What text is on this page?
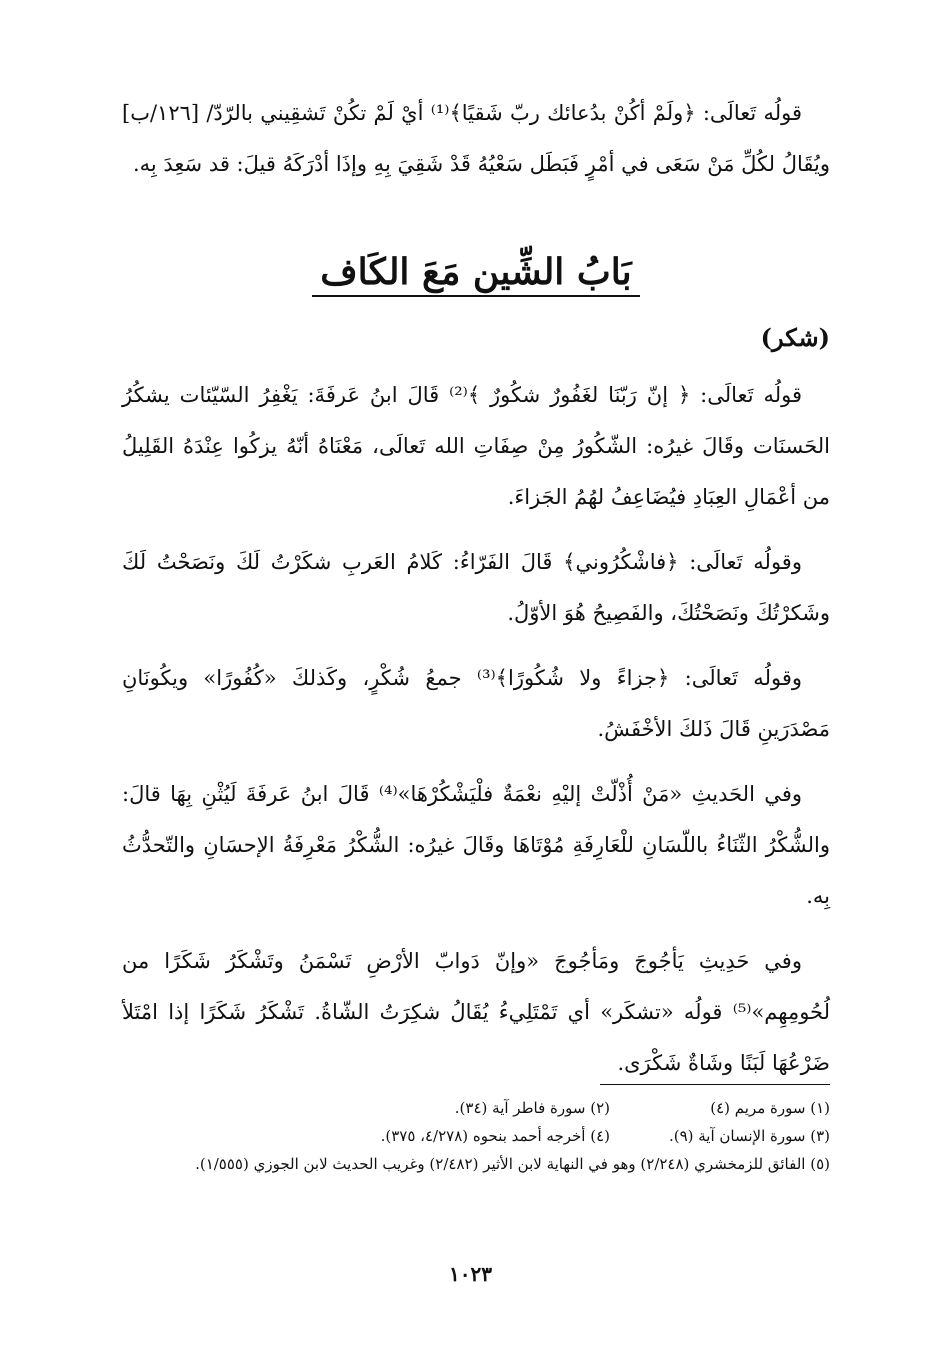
قولُه تَعالَى: ﴿ولَمْ أكُنْ بدُعائك ربّ شَقيًا﴾⁽¹⁾ أيْ لَمْ تكُنْ تَشقِيني بالرّدّ/ [١٢٦/ب] ويُقَالُ لكُلِّ مَنْ سَعَى في أمْرٍ فَبَطَل سَعْيُهُ قَدْ شَقِيَ بِهِ وإذَا أدْرَكَهُ قيلَ: قد سَعِدَ بِه.

بَابُ الشِّين مَعَ الكَاف
(شكر)

قولُه تَعالَى: ﴿ إنّ رَبّنَا لغَفُورٌ شكُورٌ ﴾⁽²⁾ قَالَ ابنُ عَرفَةَ: يَغْفِرُ السّيّئات يشكُرُ الحَسنَات وقَالَ غيرُه: الشّكُورُ مِنْ صِفَاتِ الله تَعالَى، مَعْنَاهُ أنّهُ يزكُوا عِنْدَهُ القَلِيلُ من أعْمَالِ العِبَادِ فيُضَاعِفُ لهُمُ الجَزاءَ.

وقولُه تَعالَى: ﴿فاشْكُرُوني﴾ قَالَ الفَرّاءُ: كَلامُ العَربِ شكَرْتُ لَكَ ونَصَحْتُ لَكَ وشَكرْتُكَ ونَصَحْتُكَ، والفَصِيحُ هُوَ الأوّلُ.

وقولُه تَعالَى: ﴿جزاءً ولا شُكُورًا﴾⁽³⁾ جمعُ شُكْرٍ، وكَذلكَ «كُفُورًا» ويكُونَانِ مَصْدَرَينِ قَالَ ذَلكَ الأخْفَشُ.

وفي الحَديثِ «مَنْ أُذْلّتْ إليْهِ نعْمَةٌ فلْيَشْكُرْهَا»⁽⁴⁾ قَالَ ابنُ عَرفَةَ لَيُثْنِ بِهَا قالَ: والشُّكْرُ الثّنَاءُ باللّسَانِ للْعَارِفَةِ مُوْتَاهَا وقَالَ غيرُه: الشُّكْرُ مَعْرِفَةُ الإحسَانِ والتّحدُّثُ بِه.

وفي حَدِيثِ يَأجُوجَ ومَأجُوجَ «وإنّ دَوابّ الأرْضِ تَسْمَنُ وتَشْكَرُ شَكَرًا من لُحُومِهِم»⁽⁵⁾ قولُه «تشكَر» أي تَمْتَلِيءُ يُقَالُ شكِرَتُ الشّاةُ. تَشْكَرُ شَكَرًا إذا امْتَلأ ضَرْعُهَا لَبَنًا وشَاةٌ شَكْرَى.

(١) سورة مريم (٤)
(٢) سورة فاطر آية (٣٤).
(٣) سورة الإنسان آية (٩).
(٤) أخرجه أحمد بنحوه (٤/٢٧٨، ٣٧٥).
(٥) الفائق للزمخشري (٢/٢٤٨) وهو في النهاية لابن الأثير (٢/٤٨٢) وغريب الحديث لابن الجوزي (١/٥٥٥).
١٠٢٣
